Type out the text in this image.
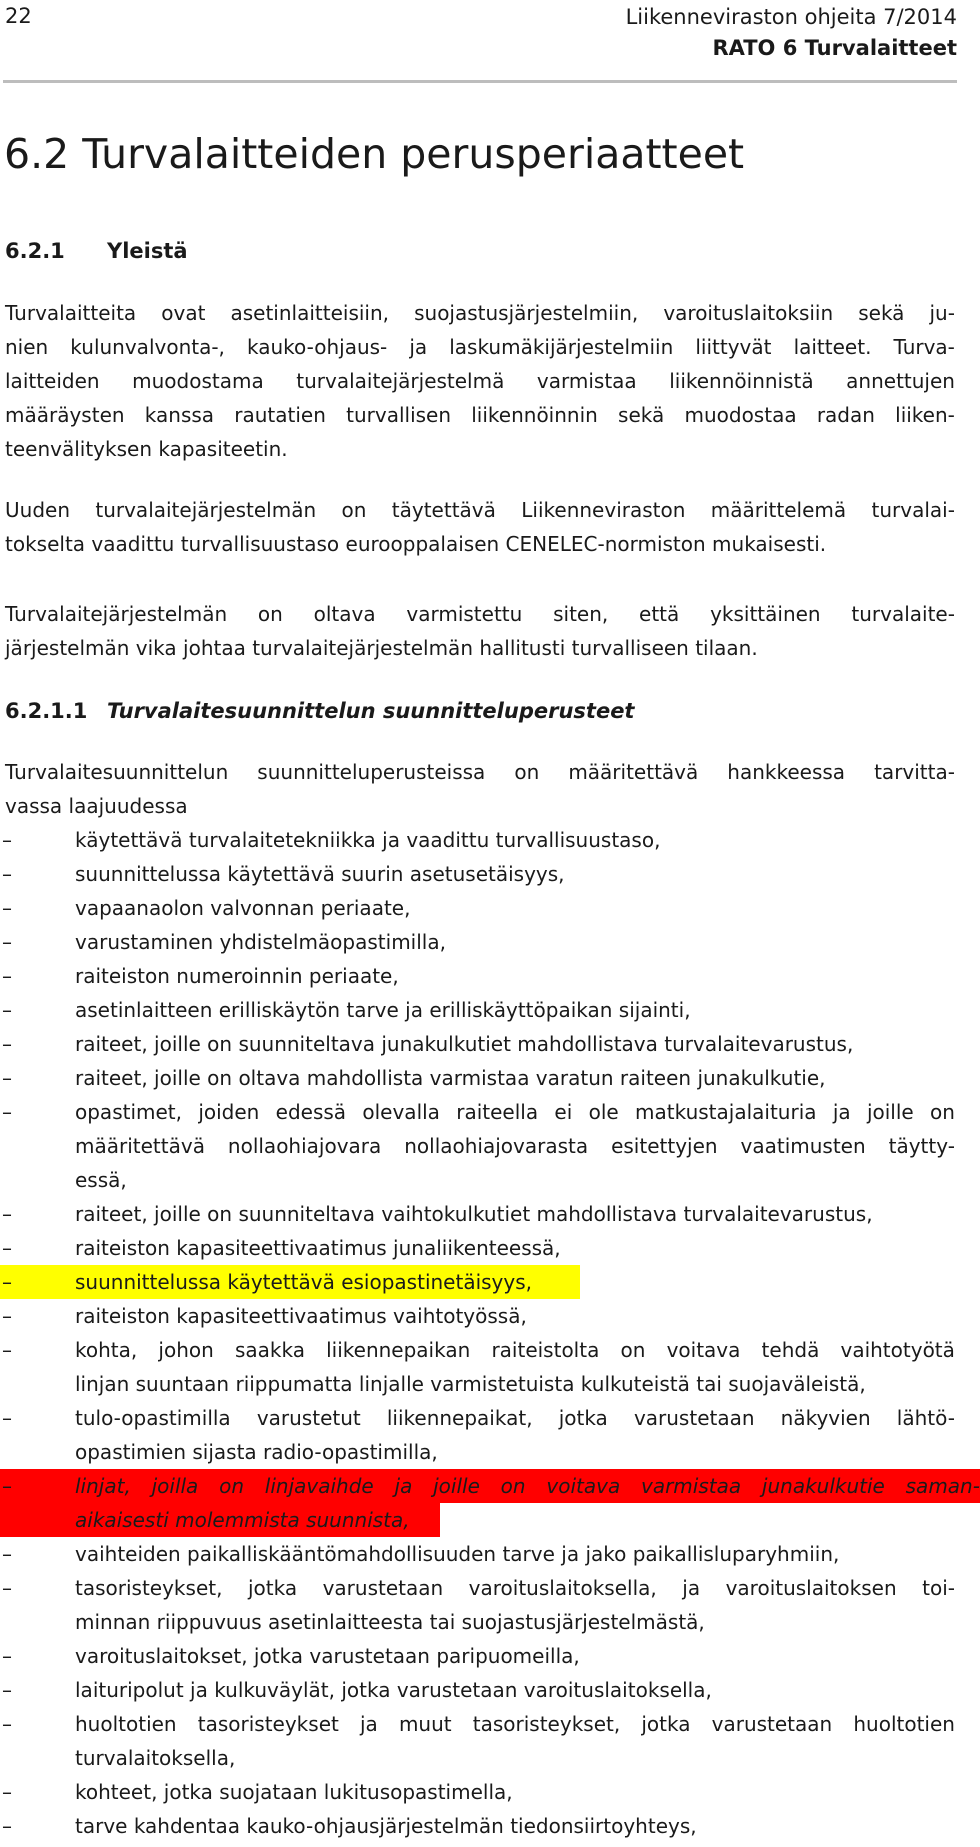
22	Liikenneviraston ohjeita 7/2014
RATO 6 Turvalaitteet
6.2 Turvalaitteiden perusperiaatteet
6.2.1 Yleistä
Turvalaitteita ovat asetinlaitteisiin, suojastusjärjestelmiin, varoituslaitoksiin sekä ju-
nien kulunvalvonta-, kauko-ohjaus- ja laskumäkijärjestelmiin liittyvät laitteet. Turva-
laitteiden muodostama turvalaitejärjestelmä varmistaa liikennöinnistä annettujen
määräysten kanssa rautatien turvallisen liikennöinnin sekä muodostaa radan liiken-
teenvälityksen kapasiteetin.
Uuden turvalaitejärjestelmän on täytettävä Liikenneviraston määrittelemä turvalai-
tokselta vaadittu turvallisuustaso eurooppalaisen CENELEC-normiston mukaisesti.
Turvalaitejärjestelmän on oltava varmistettu siten, että yksittäinen turvalaite-
järjestelmän vika johtaa turvalaitejärjestelmän hallitusti turvalliseen tilaan.
6.2.1.1 Turvalaitesuunnittelun suunnitteluperusteet
Turvalaitesuunnittelun suunnitteluperusteissa on määritettävä hankkeessa tarvitta-
vassa laajuudessa
–	käytettävä turvalaitetekniikka ja vaadittu turvallisuustaso,
–	suunnittelussa käytettävä suurin asetusetäisyys,
–	vapaanaolon valvonnan periaate,
–	varustaminen yhdistelmäopastimilla,
–	raiteiston numeroinnin periaate,
–	asetinlaitteen erilliskäytön tarve ja erilliskäyttöpaikan sijainti,
–	raiteet, joille on suunniteltava junakulkutiet mahdollistava turvalaitevarustus,
–	raiteet, joille on oltava mahdollista varmistaa varatun raiteen junakulkutie,
–	opastimet, joiden edessä olevalla raiteella ei ole matkustajalaituria ja joille on
määritettävä nollaohiajovara nollaohiajovarasta esitettyjen vaatimusten täytty-
essä,
–	raiteet, joille on suunniteltava vaihtokulkutiet mahdollistava turvalaitevarustus,
–	raiteiston kapasiteettivaatimus junaliikenteessä,
–	suunnittelussa käytettävä esiopastinetäisyys,
–	raiteiston kapasiteettivaatimus vaihtotyössä,
–	kohta, johon saakka liikennepaikan raiteistolta on voitava tehdä vaihtotyötä
linjan suuntaan riippumatta linjalle varmistetuista kulkuteistä tai suojaväleistä,
–	tulo-opastimilla varustetut liikennepaikat, jotka varustetaan näkyvien lähtö-
opastimien sijasta radio-opastimilla,
–	linjat, joilla on linjavaihde ja joille on voitava varmistaa junakulkutie saman-
aikaisesti molemmista suunnista,
–	vaihteiden paikalliskääntömahdollisuuden tarve ja jako paikallisluparyhmiin,
–	tasoristeykset, jotka varustetaan varoituslaitoksella, ja varoituslaitoksen toi-
minnan riippuvuus asetinlaitteesta tai suojastusjärjestelmästä,
–	varoituslaitokset, jotka varustetaan paripuomeilla,
–	laituripolut ja kulkuväylät, jotka varustetaan varoituslaitoksella,
–	huoltotien tasoristeykset ja muut tasoristeykset, jotka varustetaan huoltotien
turvalaitoksella,
–	kohteet, jotka suojataan lukitusopastimella,
–	tarve kahdentaa kauko-ohjausjärjestelmän tiedonsiirtoyhteys,
